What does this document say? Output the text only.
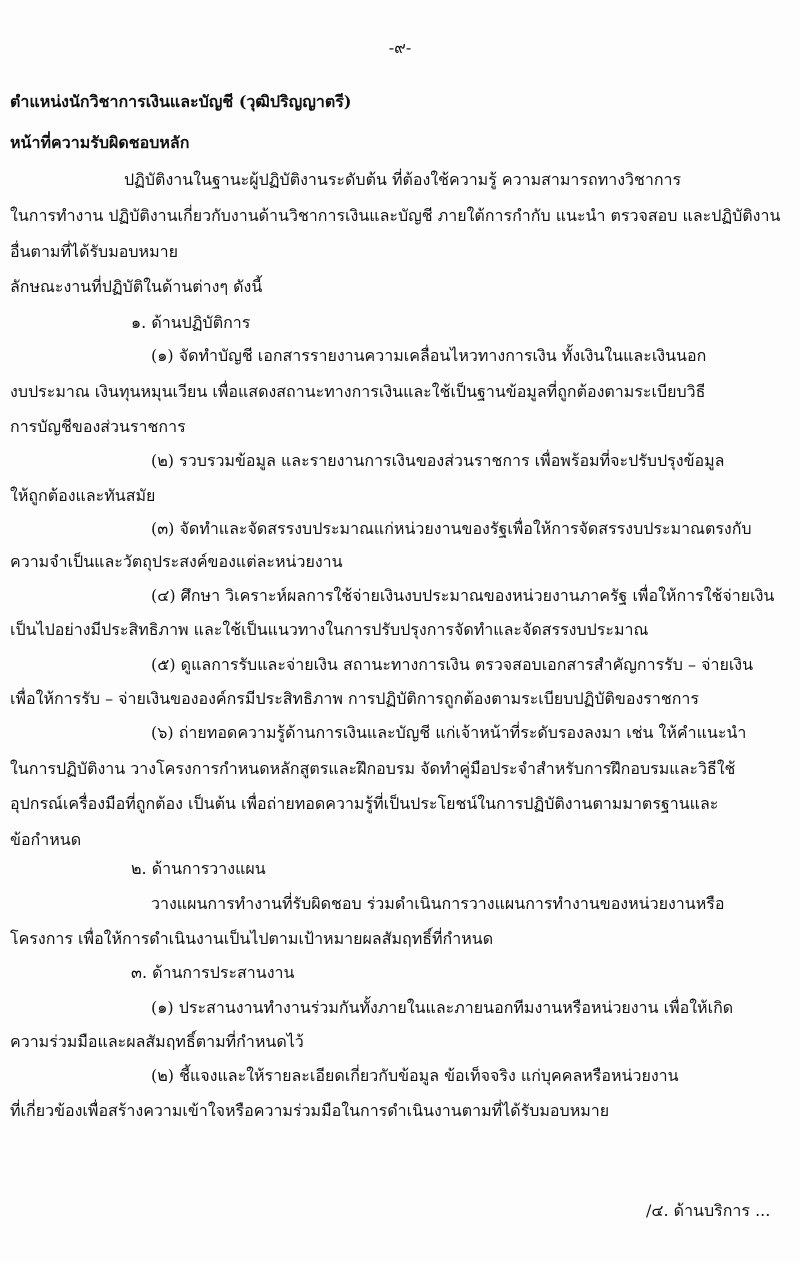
-๙-
ตำแหน่งนักวิชาการเงินและบัญชี (วุฒิปริญญาตรี)
หน้าที่ความรับผิดชอบหลัก
ปฏิบัติงานในฐานะผู้ปฏิบัติงานระดับต้น ที่ต้องใช้ความรู้ ความสามารถทางวิชาการ
ในการทำงาน ปฏิบัติงานเกี่ยวกับงานด้านวิชาการเงินและบัญชี ภายใต้การกำกับ แนะนำ ตรวจสอบ และปฏิบัติงาน
อื่นตามที่ได้รับมอบหมาย
ลักษณะงานที่ปฏิบัติในด้านต่างๆ ดังนี้
๑. ด้านปฏิบัติการ
(๑) จัดทำบัญชี เอกสารรายงานความเคลื่อนไหวทางการเงิน ทั้งเงินในและเงินนอก
งบประมาณ เงินทุนหมุนเวียน เพื่อแสดงสถานะทางการเงินและใช้เป็นฐานข้อมูลที่ถูกต้องตามระเบียบวิธี
การบัญชีของส่วนราชการ
(๒) รวบรวมข้อมูล และรายงานการเงินของส่วนราชการ เพื่อพร้อมที่จะปรับปรุงข้อมูล
ให้ถูกต้องและทันสมัย
(๓) จัดทำและจัดสรรงบประมาณแก่หน่วยงานของรัฐเพื่อให้การจัดสรรงบประมาณตรงกับ
ความจำเป็นและวัตถุประสงค์ของแต่ละหน่วยงาน
(๔) ศึกษา วิเคราะห์ผลการใช้จ่ายเงินงบประมาณของหน่วยงานภาครัฐ เพื่อให้การใช้จ่ายเงิน
เป็นไปอย่างมีประสิทธิภาพ และใช้เป็นแนวทางในการปรับปรุงการจัดทำและจัดสรรงบประมาณ
(๕) ดูแลการรับและจ่ายเงิน สถานะทางการเงิน ตรวจสอบเอกสารสำคัญการรับ – จ่ายเงิน
เพื่อให้การรับ – จ่ายเงินขององค์กรมีประสิทธิภาพ การปฏิบัติการถูกต้องตามระเบียบปฏิบัติของราชการ
(๖) ถ่ายทอดความรู้ด้านการเงินและบัญชี แก่เจ้าหน้าที่ระดับรองลงมา เช่น ให้คำแนะนำ
ในการปฏิบัติงาน วางโครงการกำหนดหลักสูตรและฝึกอบรม จัดทำคู่มือประจำสำหรับการฝึกอบรมและวิธีใช้
อุปกรณ์เครื่องมือที่ถูกต้อง เป็นต้น เพื่อถ่ายทอดความรู้ที่เป็นประโยชน์ในการปฏิบัติงานตามมาตรฐานและ
ข้อกำหนด
๒. ด้านการวางแผน
วางแผนการทำงานที่รับผิดชอบ ร่วมดำเนินการวางแผนการทำงานของหน่วยงานหรือ
โครงการ เพื่อให้การดำเนินงานเป็นไปตามเป้าหมายผลสัมฤทธิ์ที่กำหนด
๓. ด้านการประสานงาน
(๑) ประสานงานทำงานร่วมกันทั้งภายในและภายนอกทีมงานหรือหน่วยงาน เพื่อให้เกิด
ความร่วมมือและผลสัมฤทธิ์ตามที่กำหนดไว้
(๒) ชี้แจงและให้รายละเอียดเกี่ยวกับข้อมูล ข้อเท็จจริง แก่บุคคลหรือหน่วยงาน
ที่เกี่ยวข้องเพื่อสร้างความเข้าใจหรือความร่วมมือในการดำเนินงานตามที่ได้รับมอบหมาย
/๔. ด้านบริการ ...
